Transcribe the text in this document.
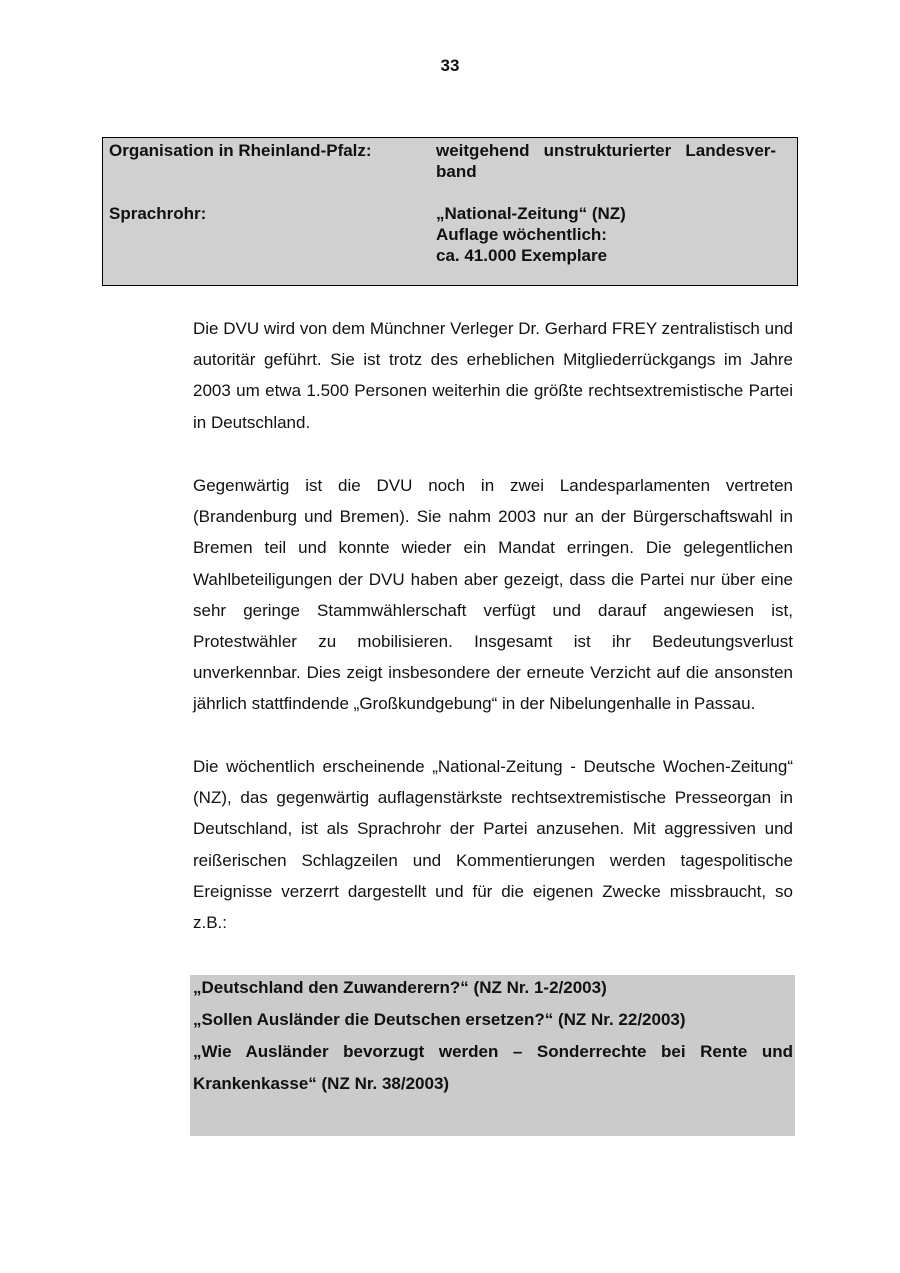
33
Organisation in Rheinland-Pfalz:	weitgehend   unstrukturierter   Landesver-
band
Sprachrohr:	„National-Zeitung“ (NZ)
Auflage wöchentlich:
ca. 41.000 Exemplare

Die DVU wird von dem Münchner Verleger Dr. Gerhard FREY zentralistisch und autoritär geführt. Sie ist trotz des erheblichen Mitgliederrückgangs im Jahre 2003 um etwa 1.500 Personen weiterhin die größte rechtsextremistische Partei in Deutschland.

Gegenwärtig ist die DVU noch in zwei Landesparlamenten vertreten (Brandenburg und Bremen). Sie nahm 2003 nur an der Bürgerschaftswahl in Bremen teil und konnte wieder ein Mandat erringen. Die gelegentlichen Wahlbeteiligungen der DVU haben aber gezeigt, dass die Partei nur über eine sehr geringe Stammwählerschaft verfügt und darauf angewiesen ist, Protestwähler zu mobilisieren. Insgesamt ist ihr Bedeutungsverlust unverkennbar. Dies zeigt insbesondere der erneute Verzicht auf die ansonsten jährlich stattfindende „Großkundgebung“ in der Nibelungenhalle in Passau.

Die wöchentlich erscheinende „National-Zeitung - Deutsche Wochen-Zeitung“ (NZ), das gegenwärtig auflagenstärkste rechtsextremistische Presseorgan in Deutschland, ist als Sprachrohr der Partei anzusehen. Mit aggressiven und reißerischen Schlagzeilen und Kommentierungen werden tagespolitische Ereignisse verzerrt dargestellt und für die eigenen Zwecke missbraucht, so z.B.:

„Deutschland den Zuwanderern?“ (NZ Nr. 1-2/2003)
„Sollen Ausländer die Deutschen ersetzen?“ (NZ Nr. 22/2003)
„Wie Ausländer bevorzugt werden – Sonderrechte bei Rente und Krankenkasse“ (NZ Nr. 38/2003)
